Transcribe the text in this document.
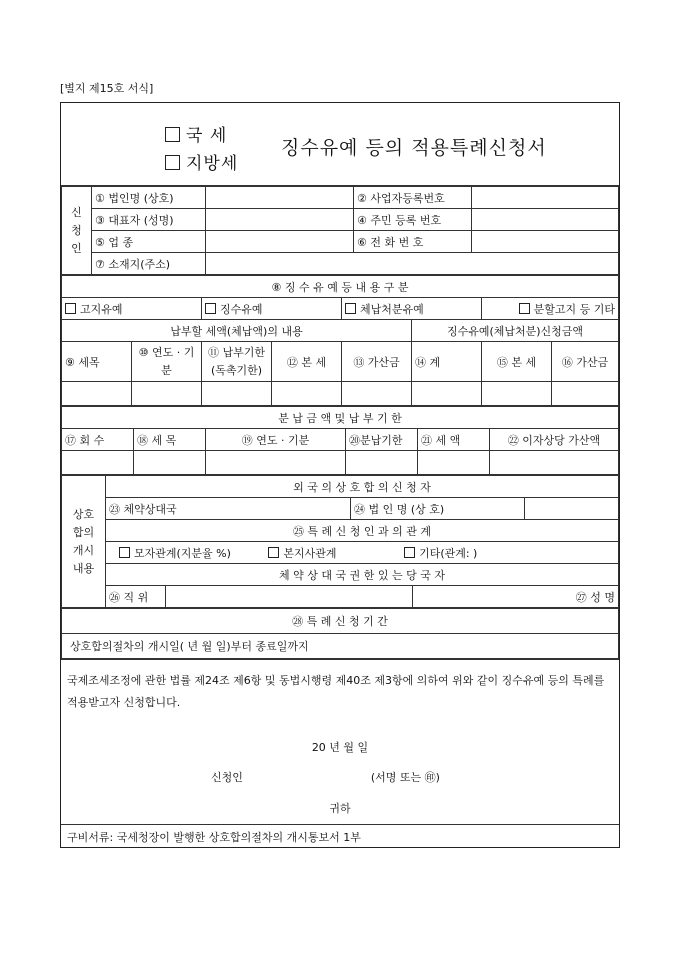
[별지 제15호 서식]
국 세
지방세
징수유예 등의 적용특례신청서
신청인	① 법인명 (상호)		② 사업자등록번호	
	③ 대표자 (성명)		④ 주민 등록 번호	
	⑤ 업 종		⑥ 전 화 번 호	
	⑦ 소재지(주소)			
⑧ 징 수 유 예 등 내 용 구 분							
고지유예		징수유예		체납처분유예		분할고지 등 기타	
납부할 세액(체납액)의 내용					징수유예(체납처분)신청금액		
⑨ 세목	⑩ 연도 · 기분	⑪ 납부기한 (독촉기한)	⑫ 본 세	⑬ 가산금	⑭ 계	⑮ 본 세	⑯ 가산금

분 납 금 액 및 납 부 기 한					
⑰ 회 수	⑱ 세 목	⑲ 연도 · 기분	⑳분납기한	㉑ 세 액	㉒ 이자상당 가산액

상호 합의 개시 내용	외 국 의 상 호 합 의 신 청 자				
	㉓ 체약상대국		㉔ 법 인 명 (상 호)		
	㉕ 특 례 신 청 인 과 의 관 계				
	모자관계(지분율 %) 본지사관계 기타(관계: )				
	체 약 상 대 국 권 한 있 는 당 국 자				
	㉖ 직 위			㉗ 성 명	
㉘ 특 례 신 청 기 간
상호합의절차의 개시일( 년 월 일)부터 종료일까지
국제조세조정에 관한 법률 제24조 제6항 및 동법시행령 제40조 제3항에 의하여 위와 같이 징수유예 등의 특례를 적용받고자 신청합니다.
20 년 월 일
신청인	(서명 또는 ㊞)
귀하
구비서류: 국세청장이 발행한 상호합의절차의 개시통보서 1부
